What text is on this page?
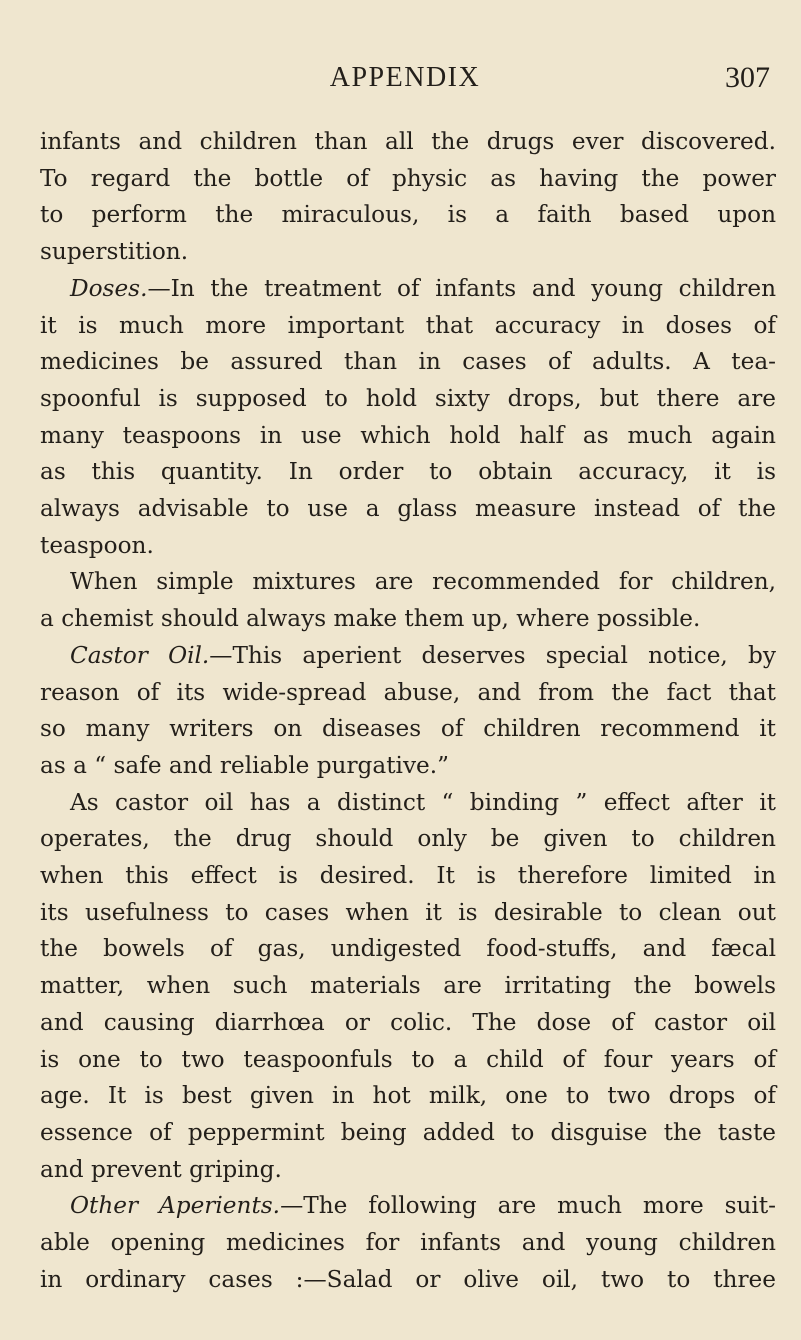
APPENDIX	307
infants and children than all the drugs ever discovered.
To regard the bottle of physic as having the power
to perform the miraculous, is a faith based upon
superstition.
Doses.—In the treatment of infants and young children
it is much more important that accuracy in doses of
medicines be assured than in cases of adults. A tea-
spoonful is supposed to hold sixty drops, but there are
many teaspoons in use which hold half as much again
as this quantity. In order to obtain accuracy, it is
always advisable to use a glass measure instead of the
teaspoon.
When simple mixtures are recommended for children,
a chemist should always make them up, where possible.
Castor Oil.—This aperient deserves special notice, by
reason of its wide-spread abuse, and from the fact that
so many writers on diseases of children recommend it
as a “ safe and reliable purgative.”
As castor oil has a distinct “ binding ” effect after it
operates, the drug should only be given to children
when this effect is desired. It is therefore limited in
its usefulness to cases when it is desirable to clean out
the bowels of gas, undigested food-stuffs, and fæcal
matter, when such materials are irritating the bowels
and causing diarrhœa or colic. The dose of castor oil
is one to two teaspoonfuls to a child of four years of
age. It is best given in hot milk, one to two drops of
essence of peppermint being added to disguise the taste
and prevent griping.
Other Aperients.—The following are much more suit-
able opening medicines for infants and young children
in ordinary cases :—Salad or olive oil, two to three
